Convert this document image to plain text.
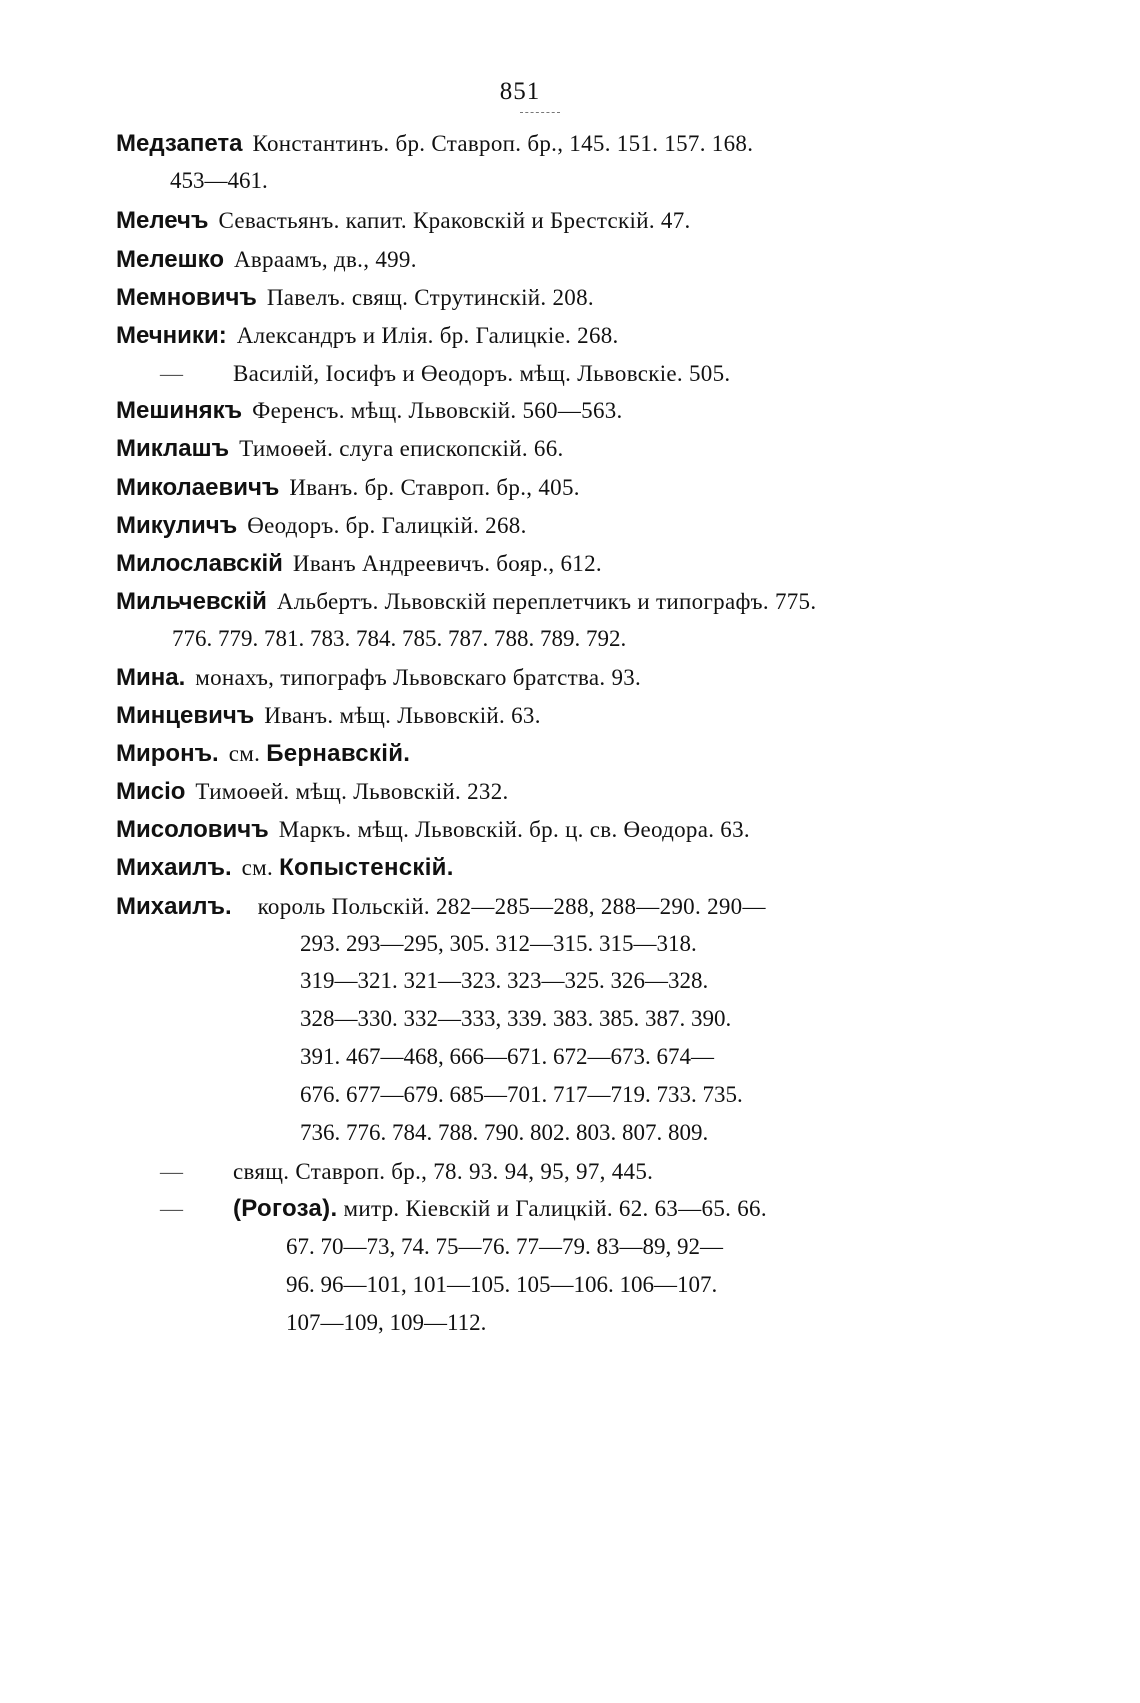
851
Медзапета Константинъ. бр. Ставроп. бр., 145. 151. 157. 168.
453—461.
Мелечъ Севастьянъ. капит. Краковскій и Брестскій. 47.
Мелешко Авраамъ, дв., 499.
Мемновичъ Павелъ. свящ. Струтинскій. 208.
Мечники: Александръ и Илія. бр. Галицкіе. 268.
— Василій, Іосифъ и Өеодоръ. мѣщ. Львовскіе. 505.
Мешинякъ Ференсъ. мѣщ. Львовскій. 560—563.
Миклашъ Тимоөей. слуга епископскій. 66.
Миколаевичъ Иванъ. бр. Ставроп. бр., 405.
Микуличъ Өеодоръ. бр. Галицкій. 268.
Милославскій Иванъ Андреевичъ. бояр., 612.
Мильчевскій Альбертъ. Львовскій переплетчикъ и типографъ. 775.
776. 779. 781. 783. 784. 785. 787. 788. 789. 792.
Мина. монахъ, типографъ Львовскаго братства. 93.
Минцевичъ Иванъ. мѣщ. Львовскій. 63.
Миронъ. см. Бернавскій.
Мисіо Тимоөей. мѣщ. Львовскій. 232.
Мисоловичъ Маркъ. мѣщ. Львовскій. бр. ц. св. Өеодора. 63.
Михаилъ. см. Копыстенскій.
Михаилъ. король Польскій. 282—285—288, 288—290. 290—
293. 293—295, 305. 312—315. 315—318.
319—321. 321—323. 323—325. 326—328.
328—330. 332—333, 339. 383. 385. 387. 390.
391. 467—468, 666—671. 672—673. 674—
676. 677—679. 685—701. 717—719. 733. 735.
736. 776. 784. 788. 790. 802. 803. 807. 809.
— свящ. Ставроп. бр., 78. 93. 94, 95, 97, 445.
— (Рогоза). митр. Кіевскій и Галицкій. 62. 63—65. 66.
67. 70—73, 74. 75—76. 77—79. 83—89, 92—
96. 96—101, 101—105. 105—106. 106—107.
107—109, 109—112.
